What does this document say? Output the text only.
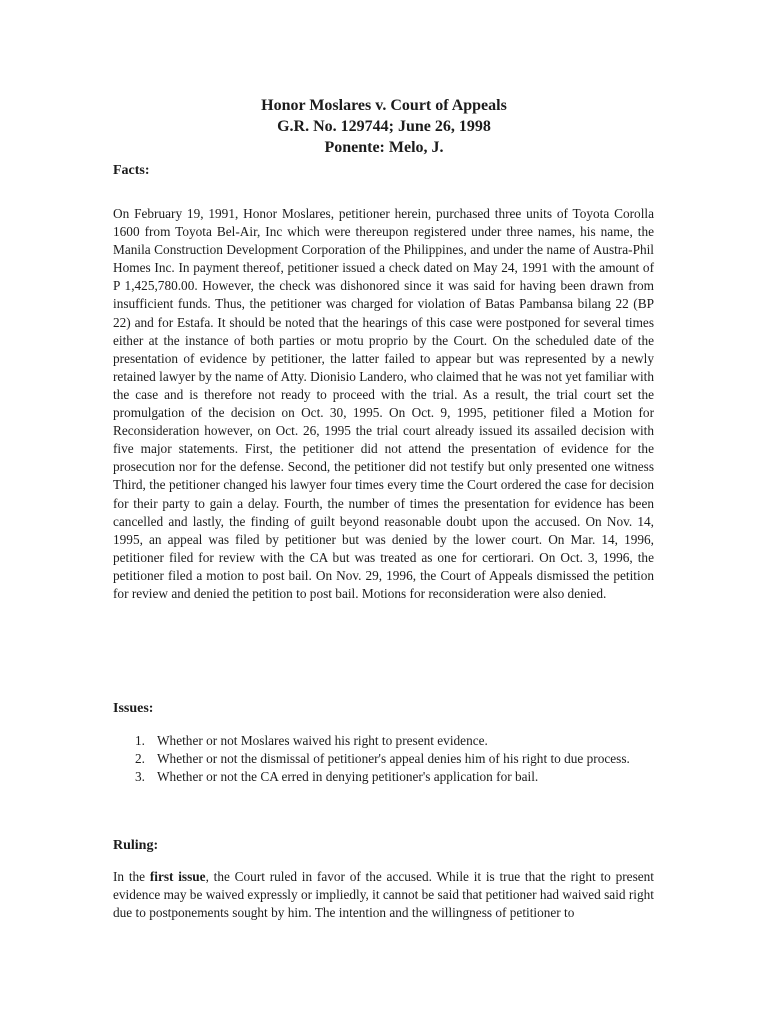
Honor Moslares v. Court of Appeals
G.R. No. 129744; June 26, 1998
Ponente: Melo, J.
Facts:
On February 19, 1991, Honor Moslares, petitioner herein, purchased three units of Toyota Corolla 1600 from Toyota Bel-Air, Inc which were thereupon registered under three names, his name, the Manila Construction Development Corporation of the Philippines, and under the name of Austra-Phil Homes Inc. In payment thereof, petitioner issued a check dated on May 24, 1991 with the amount of P 1,425,780.00. However, the check was dishonored since it was said for having been drawn from insufficient funds. Thus, the petitioner was charged for violation of Batas Pambansa bilang 22 (BP 22) and for Estafa. It should be noted that the hearings of this case were postponed for several times either at the instance of both parties or motu proprio by the Court. On the scheduled date of the presentation of evidence by petitioner, the latter failed to appear but was represented by a newly retained lawyer by the name of Atty. Dionisio Landero, who claimed that he was not yet familiar with the case and is therefore not ready to proceed with the trial. As a result, the trial court set the promulgation of the decision on Oct. 30, 1995. On Oct. 9, 1995, petitioner filed a Motion for Reconsideration however, on Oct. 26, 1995 the trial court already issued its assailed decision with five major statements. First, the petitioner did not attend the presentation of evidence for the prosecution nor for the defense. Second, the petitioner did not testify but only presented one witness Third, the petitioner changed his lawyer four times every time the Court ordered the case for decision for their party to gain a delay. Fourth, the number of times the presentation for evidence has been cancelled and lastly, the finding of guilt beyond reasonable doubt upon the accused. On Nov. 14, 1995, an appeal was filed by petitioner but was denied by the lower court. On Mar. 14, 1996, petitioner filed for review with the CA but was treated as one for certiorari. On Oct. 3, 1996, the petitioner filed a motion to post bail. On Nov. 29, 1996, the Court of Appeals dismissed the petition for review and denied the petition to post bail. Motions for reconsideration were also denied.
Issues:
1. Whether or not Moslares waived his right to present evidence.
2. Whether or not the dismissal of petitioner's appeal denies him of his right to due process.
3. Whether or not the CA erred in denying petitioner's application for bail.
Ruling:
In the first issue, the Court ruled in favor of the accused. While it is true that the right to present evidence may be waived expressly or impliedly, it cannot be said that petitioner had waived said right due to postponements sought by him. The intention and the willingness of petitioner to
